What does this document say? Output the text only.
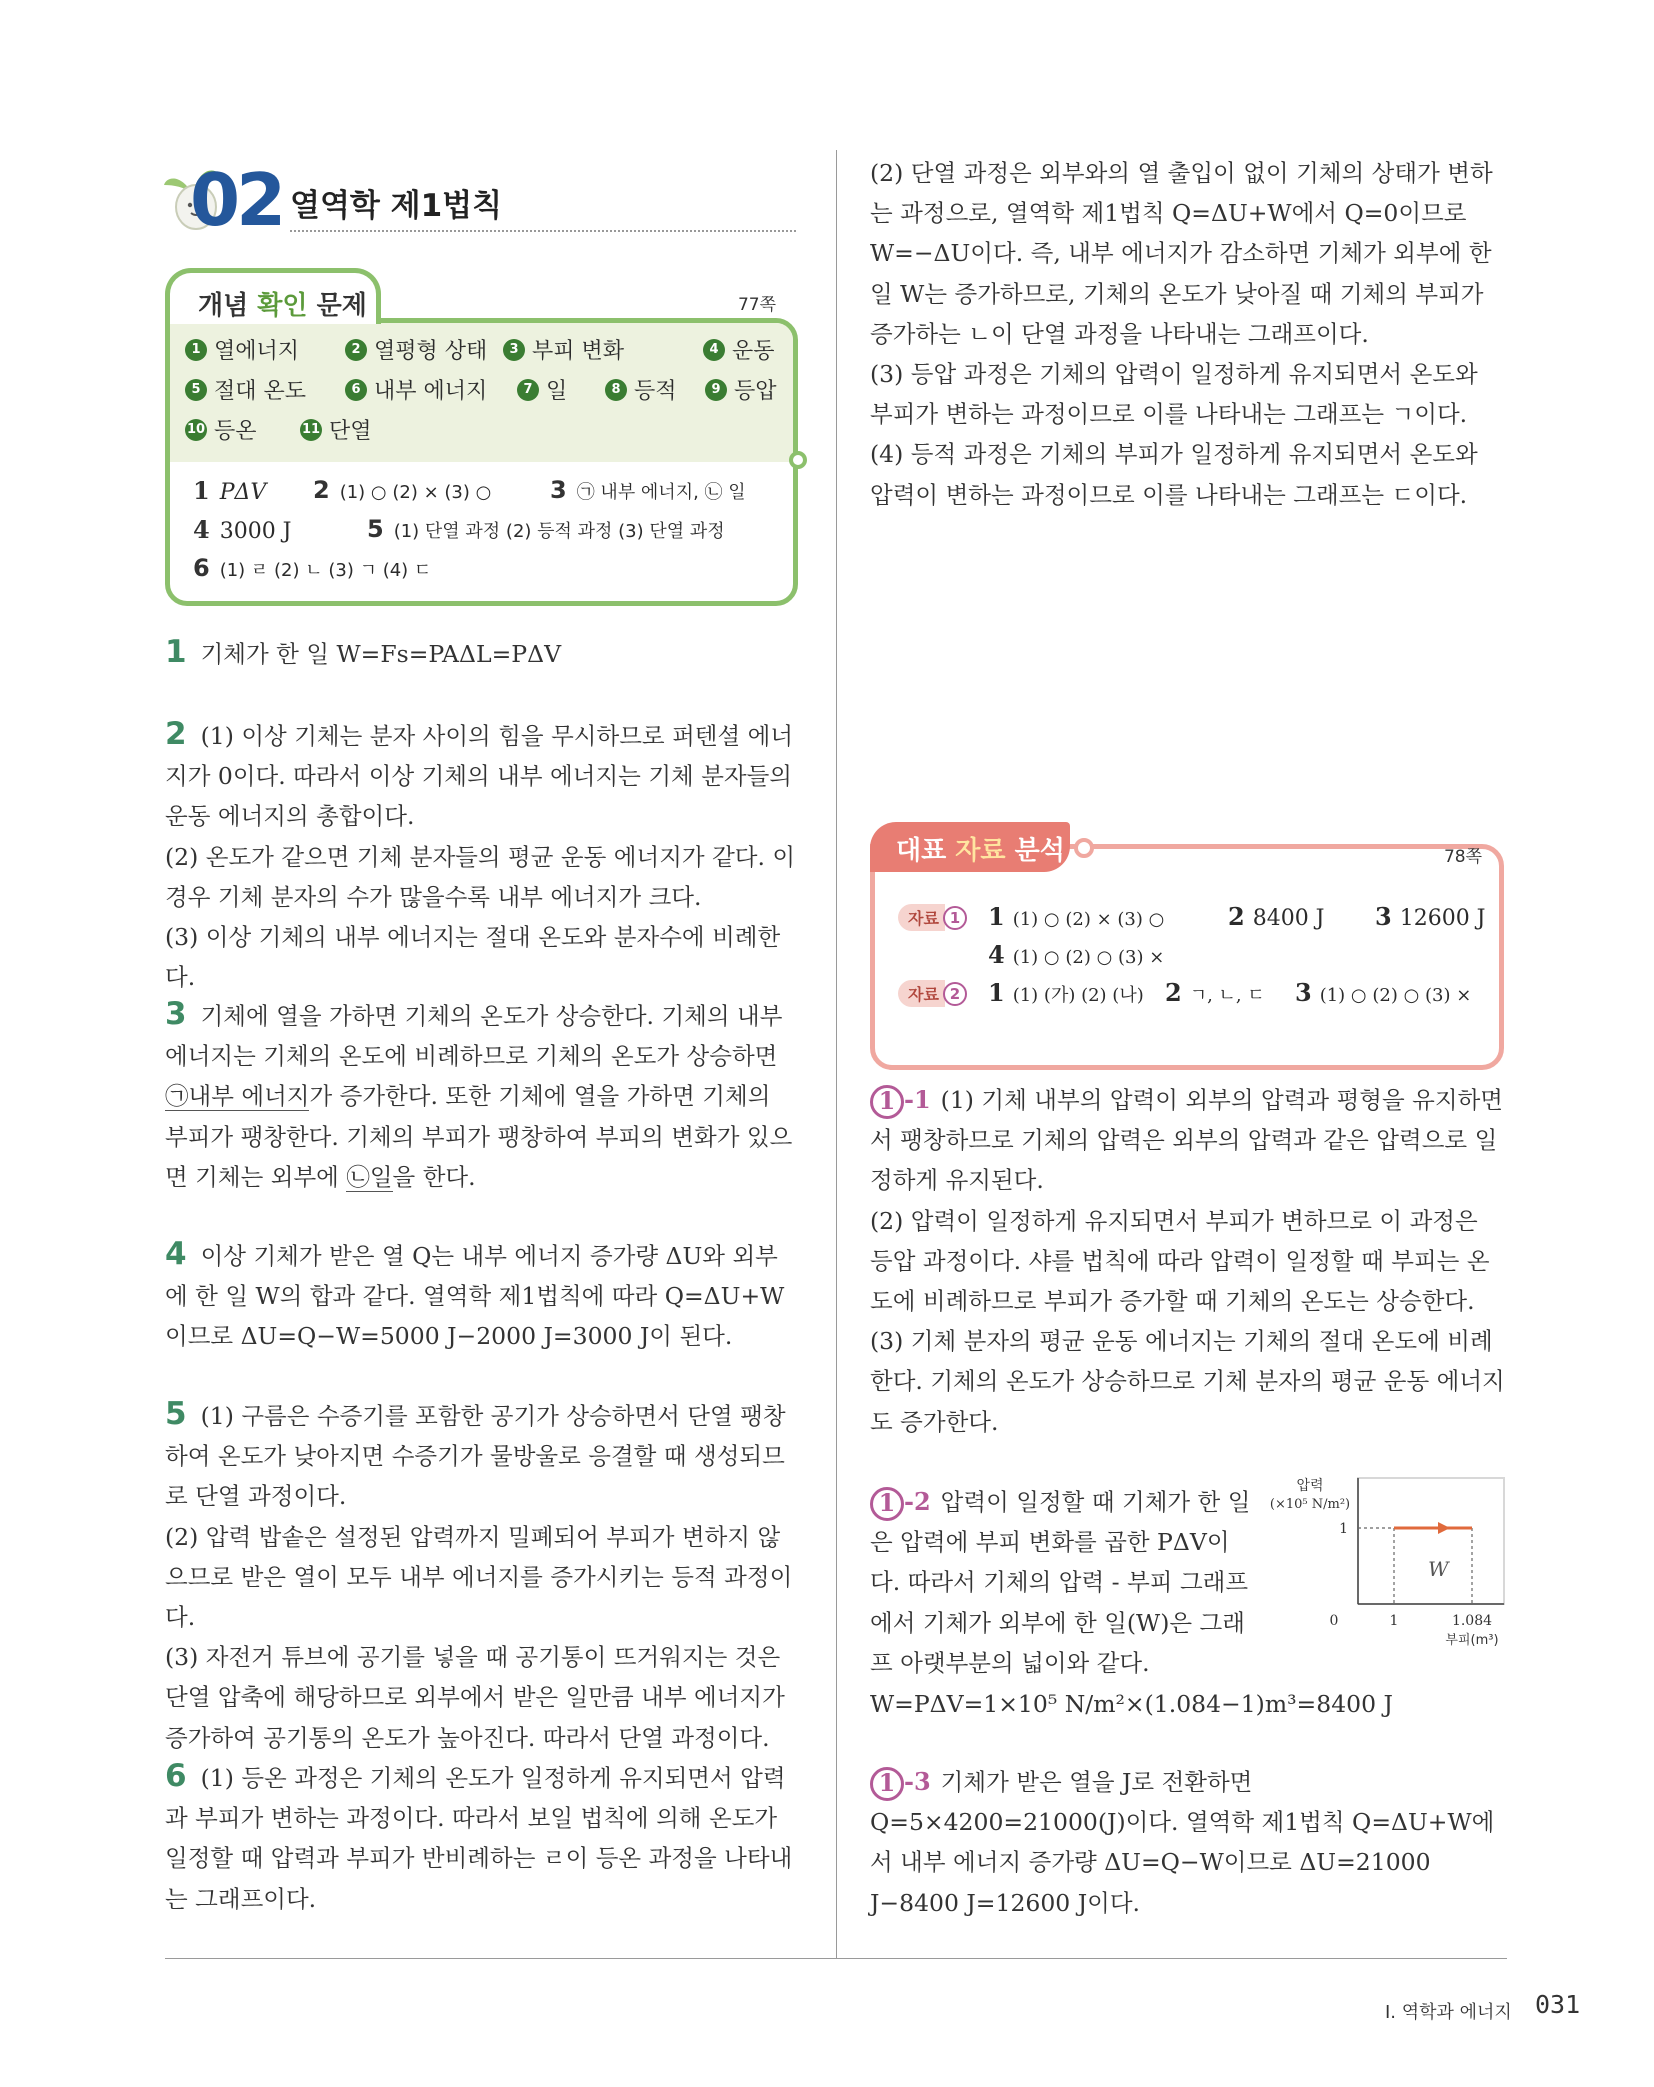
02 열역학 제1법칙
개념 확인 문제	77쪽
1 열에너지	2 열평형 상태	3 부피 변화	4 운동
5 절대 온도	6 내부 에너지	7 일	8 등적	9 등압
10 등온	11 단열
1 PΔV 2 (1) ○ (2) × (3) ○ 3 ㉠ 내부 에너지, ㉡ 일
4 3000 J	5 (1) 단열 과정 (2) 등적 과정 (3) 단열 과정
6 (1) ㄹ (2) ㄴ (3) ㄱ (4) ㄷ

1 기체가 한 일 W=Fs=PAΔL=PΔV

2 (1) 이상 기체는 분자 사이의 힘을 무시하므로 퍼텐셜 에너지가 0이다. 따라서 이상 기체의 내부 에너지는 기체 분자들의 운동 에너지의 총합이다.

(2) 온도가 같으면 기체 분자들의 평균 운동 에너지가 같다. 이 경우 기체 분자의 수가 많을수록 내부 에너지가 크다.

(3) 이상 기체의 내부 에너지는 절대 온도와 분자수에 비례한다.

3 기체에 열을 가하면 기체의 온도가 상승한다. 기체의 내부 에너지는 기체의 온도에 비례하므로 기체의 온도가 상승하면 ㉠내부 에너지가 증가한다. 또한 기체에 열을 가하면 기체의 부피가 팽창한다. 기체의 부피가 팽창하여 부피의 변화가 있으면 기체는 외부에 ㉡일을 한다.

4 이상 기체가 받은 열 Q는 내부 에너지 증가량 ΔU와 외부에 한 일 W의 합과 같다. 열역학 제1법칙에 따라 Q=ΔU+W이므로 ΔU=Q−W=5000 J−2000 J=3000 J이 된다.

5 (1) 구름은 수증기를 포함한 공기가 상승하면서 단열 팽창하여 온도가 낮아지면 수증기가 물방울로 응결할 때 생성되므로 단열 과정이다.

(2) 압력 밥솥은 설정된 압력까지 밀폐되어 부피가 변하지 않으므로 받은 열이 모두 내부 에너지를 증가시키는 등적 과정이다.

(3) 자전거 튜브에 공기를 넣을 때 공기통이 뜨거워지는 것은 단열 압축에 해당하므로 외부에서 받은 일만큼 내부 에너지가 증가하여 공기통의 온도가 높아진다. 따라서 단열 과정이다.

6 (1) 등온 과정은 기체의 온도가 일정하게 유지되면서 압력과 부피가 변하는 과정이다. 따라서 보일 법칙에 의해 온도가 일정할 때 압력과 부피가 반비례하는 ㄹ이 등온 과정을 나타내는 그래프이다.

(2) 단열 과정은 외부와의 열 출입이 없이 기체의 상태가 변하는 과정으로, 열역학 제1법칙 Q=ΔU+W에서 Q=0이므로 W=−ΔU이다. 즉, 내부 에너지가 감소하면 기체가 외부에 한 일 W는 증가하므로, 기체의 온도가 낮아질 때 기체의 부피가 증가하는 ㄴ이 단열 과정을 나타내는 그래프이다.

(3) 등압 과정은 기체의 압력이 일정하게 유지되면서 온도와 부피가 변하는 과정이므로 이를 나타내는 그래프는 ㄱ이다.

(4) 등적 과정은 기체의 부피가 일정하게 유지되면서 온도와 압력이 변하는 과정이므로 이를 나타내는 그래프는 ㄷ이다.

대표 자료 분석	78쪽
자료 1 1 (1) ○ (2) × (3) ○	2 8400 J 3 12600 J
4 (1) ○ (2) ○ (3) ×
자료 2 1 (1) (가) (2) (나) 2 ㄱ, ㄴ, ㄷ 3 (1) ○ (2) ○ (3) ×

1 -1 (1) 기체 내부의 압력이 외부의 압력과 평형을 유지하면서 팽창하므로 기체의 압력은 외부의 압력과 같은 압력으로 일정하게 유지된다.

(2) 압력이 일정하게 유지되면서 부피가 변하므로 이 과정은 등압 과정이다. 샤를 법칙에 따라 압력이 일정할 때 부피는 온도에 비례하므로 부피가 증가할 때 기체의 온도는 상승한다.

(3) 기체 분자의 평균 운동 에너지는 기체의 절대 온도에 비례한다. 기체의 온도가 상승하므로 기체 분자의 평균 운동 에너지도 증가한다.

1 -2 압력이 일정할 때 기체가 한 일은 압력에 부피 변화를 곱한 PΔV이다. 따라서 기체의 압력 - 부피 그래프에서 기체가 외부에 한 일(W)은 그래프 아랫부분의 넓이와 같다.

W=PΔV=1×10⁵ N/m²×(1.084−1)m³=8400 J

압력
(×10⁵ N/m²)
W
1
0	1	1.084
부피(m³)

1 -3 기체가 받은 열을 J로 전환하면 Q=5×4200=21000(J)이다. 열역학 제1법칙 Q=ΔU+W에서 내부 에너지 증가량 ΔU=Q−W이므로 ΔU=21000 J−8400 J=12600 J이다.

Ⅰ. 역학과 에너지 031
